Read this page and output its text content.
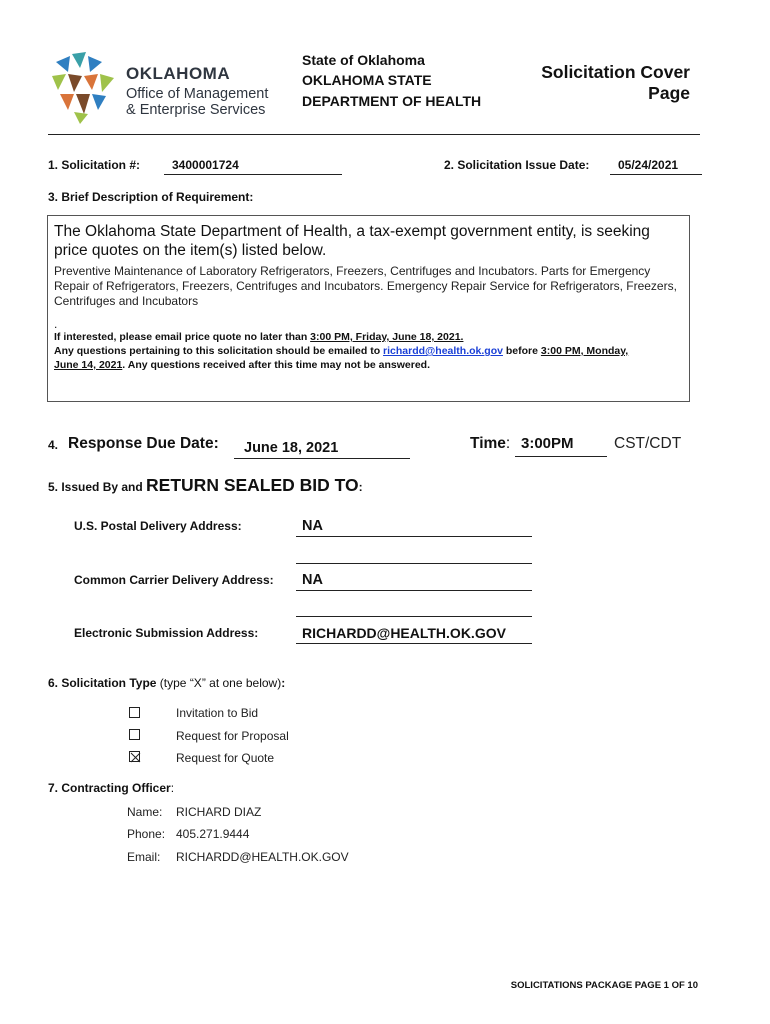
OKLAHOMA
Office of Management
& Enterprise Services
State of Oklahoma
OKLAHOMA STATE
DEPARTMENT OF HEALTH
Solicitation Cover
Page
1. Solicitation #:	3400001724	2. Solicitation Issue Date:	05/24/2021
3. Brief Description of Requirement:
The Oklahoma State Department of Health, a tax-exempt government entity, is seeking price quotes on the item(s) listed below.
Preventive Maintenance of Laboratory Refrigerators, Freezers, Centrifuges and Incubators. Parts for Emergency Repair of Refrigerators, Freezers, Centrifuges and Incubators. Emergency Repair Service for Refrigerators, Freezers, Centrifuges and Incubators
.
If interested, please email price quote no later than 3:00 PM, Friday, June 18, 2021.
Any questions pertaining to this solicitation should be emailed to richardd@health.ok.gov before 3:00 PM, Monday,
June 14, 2021. Any questions received after this time may not be answered.
4. Response Due Date:	June 18, 2021	Time: 3:00PM	CST/CDT
5. Issued By and RETURN SEALED BID TO:
U.S. Postal Delivery Address:	NA
Common Carrier Delivery Address:	NA
Electronic Submission Address:	RICHARDD@HEALTH.OK.GOV
6. Solicitation Type (type “X” at one below):
Invitation to Bid
Request for Proposal
Request for Quote
7. Contracting Officer:
Name: RICHARD DIAZ
Phone: 405.271.9444
Email: RICHARDD@HEALTH.OK.GOV
SOLICITATIONS PACKAGE PAGE 1 OF 10
